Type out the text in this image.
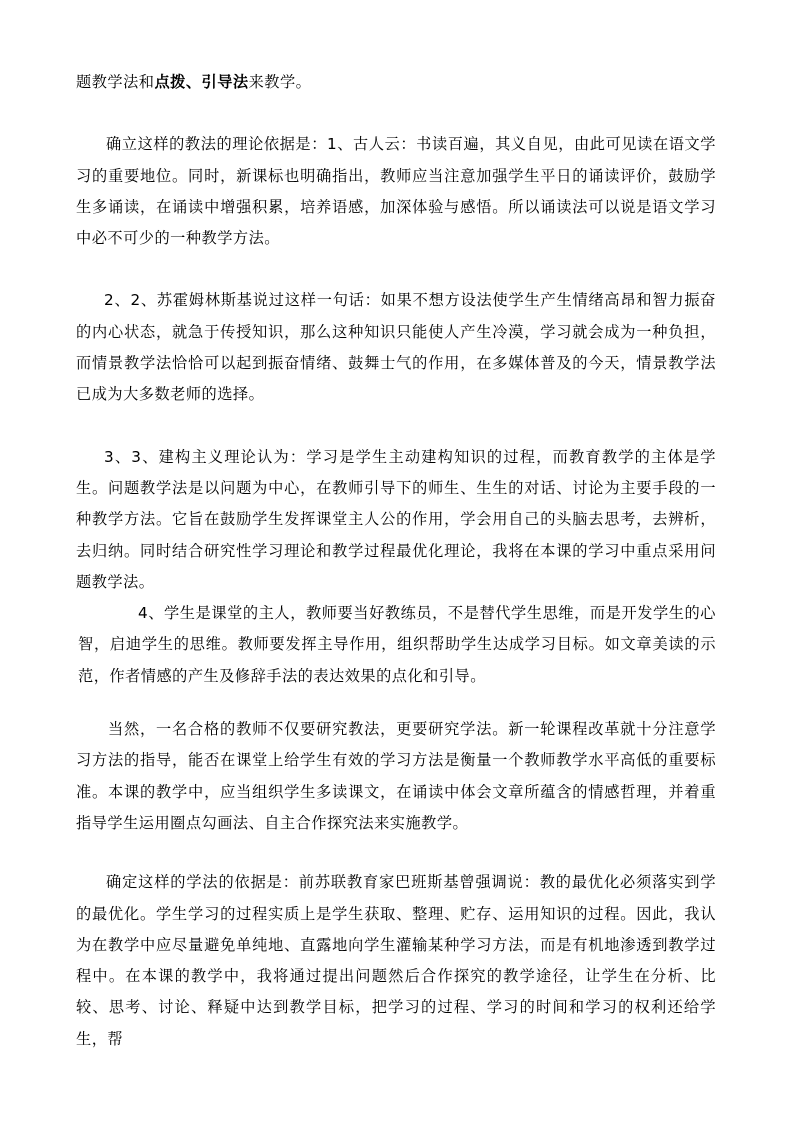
题教学法和点拨、引导法来教学。

确立这样的教法的理论依据是：1、古人云：书读百遍，其义自见，由此可见读在语文学习的重要地位。同时，新课标也明确指出，教师应当注意加强学生平日的诵读评价，鼓励学生多诵读，在诵读中增强积累，培养语感，加深体验与感悟。所以诵读法可以说是语文学习中必不可少的一种教学方法。

2、2、苏霍姆林斯基说过这样一句话：如果不想方设法使学生产生情绪高昂和智力振奋的内心状态，就急于传授知识，那么这种知识只能使人产生冷漠，学习就会成为一种负担，而情景教学法恰恰可以起到振奋情绪、鼓舞士气的作用，在多媒体普及的今天，情景教学法已成为大多数老师的选择。

3、3、建构主义理论认为：学习是学生主动建构知识的过程，而教育教学的主体是学生。问题教学法是以问题为中心，在教师引导下的师生、生生的对话、讨论为主要手段的一种教学方法。它旨在鼓励学生发挥课堂主人公的作用，学会用自己的头脑去思考，去辨析，去归纳。同时结合研究性学习理论和教学过程最优化理论，我将在本课的学习中重点采用问题教学法。

4、学生是课堂的主人，教师要当好教练员，不是替代学生思维，而是开发学生的心智，启迪学生的思维。教师要发挥主导作用，组织帮助学生达成学习目标。如文章美读的示范，作者情感的产生及修辞手法的表达效果的点化和引导。

当然，一名合格的教师不仅要研究教法，更要研究学法。新一轮课程改革就十分注意学习方法的指导，能否在课堂上给学生有效的学习方法是衡量一个教师教学水平高低的重要标准。本课的教学中，应当组织学生多读课文，在诵读中体会文章所蕴含的情感哲理，并着重指导学生运用圈点勾画法、自主合作探究法来实施教学。

确定这样的学法的依据是：前苏联教育家巴班斯基曾强调说：教的最优化必须落实到学的最优化。学生学习的过程实质上是学生获取、整理、贮存、运用知识的过程。因此，我认为在教学中应尽量避免单纯地、直露地向学生灌输某种学习方法，而是有机地渗透到教学过程中。在本课的教学中，我将通过提出问题然后合作探究的教学途径，让学生在分析、比较、思考、讨论、释疑中达到教学目标，把学习的过程、学习的时间和学习的权利还给学生，帮
